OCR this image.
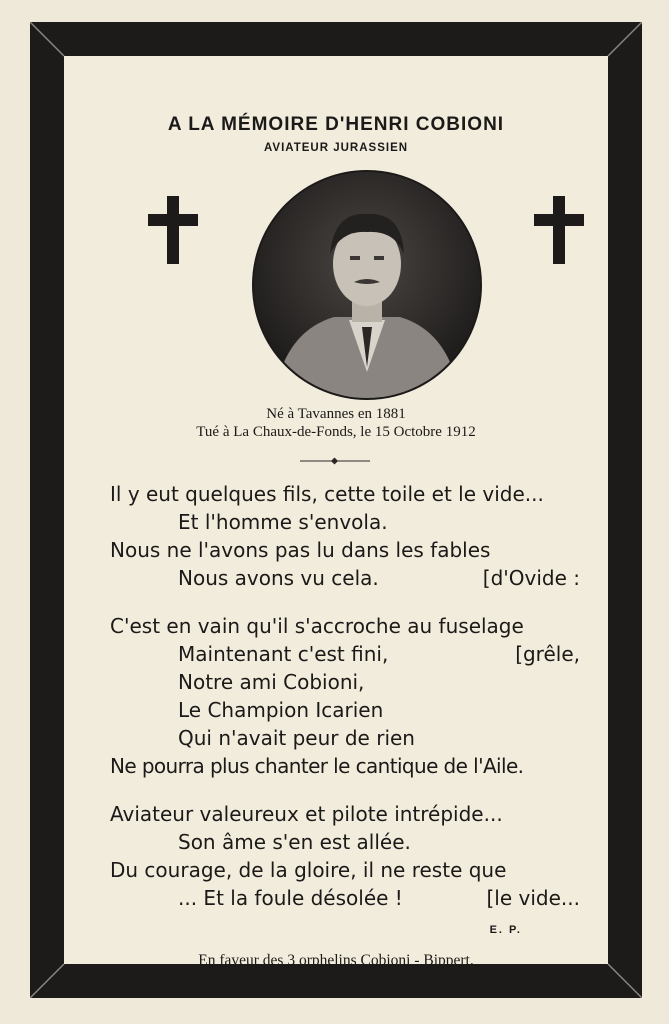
A LA MÉMOIRE D'HENRI COBIONI
AVIATEUR JURASSIEN
Né à Tavannes en 1881
Tué à La Chaux-de-Fonds, le 15 Octobre 1912
Il y eut quelques fils, cette toile et le vide...
Et l'homme s'envola.
Nous ne l'avons pas lu dans les fables
Nous avons vu cela.	[d'Ovide :
C'est en vain qu'il s'accroche au fuselage
Maintenant c'est fini,	[grêle,
Notre ami Cobioni,
Le Champion Icarien
Qui n'avait peur de rien
Ne pourra plus chanter le cantique de l'Aile.
Aviateur valeureux et pilote intrépide...
Son âme s'en est allée.
Du courage, de la gloire, il ne reste que
... Et la foule désolée !	[le vide...
E. P.
En faveur des 3 orphelins Cobioni - Bippert.
